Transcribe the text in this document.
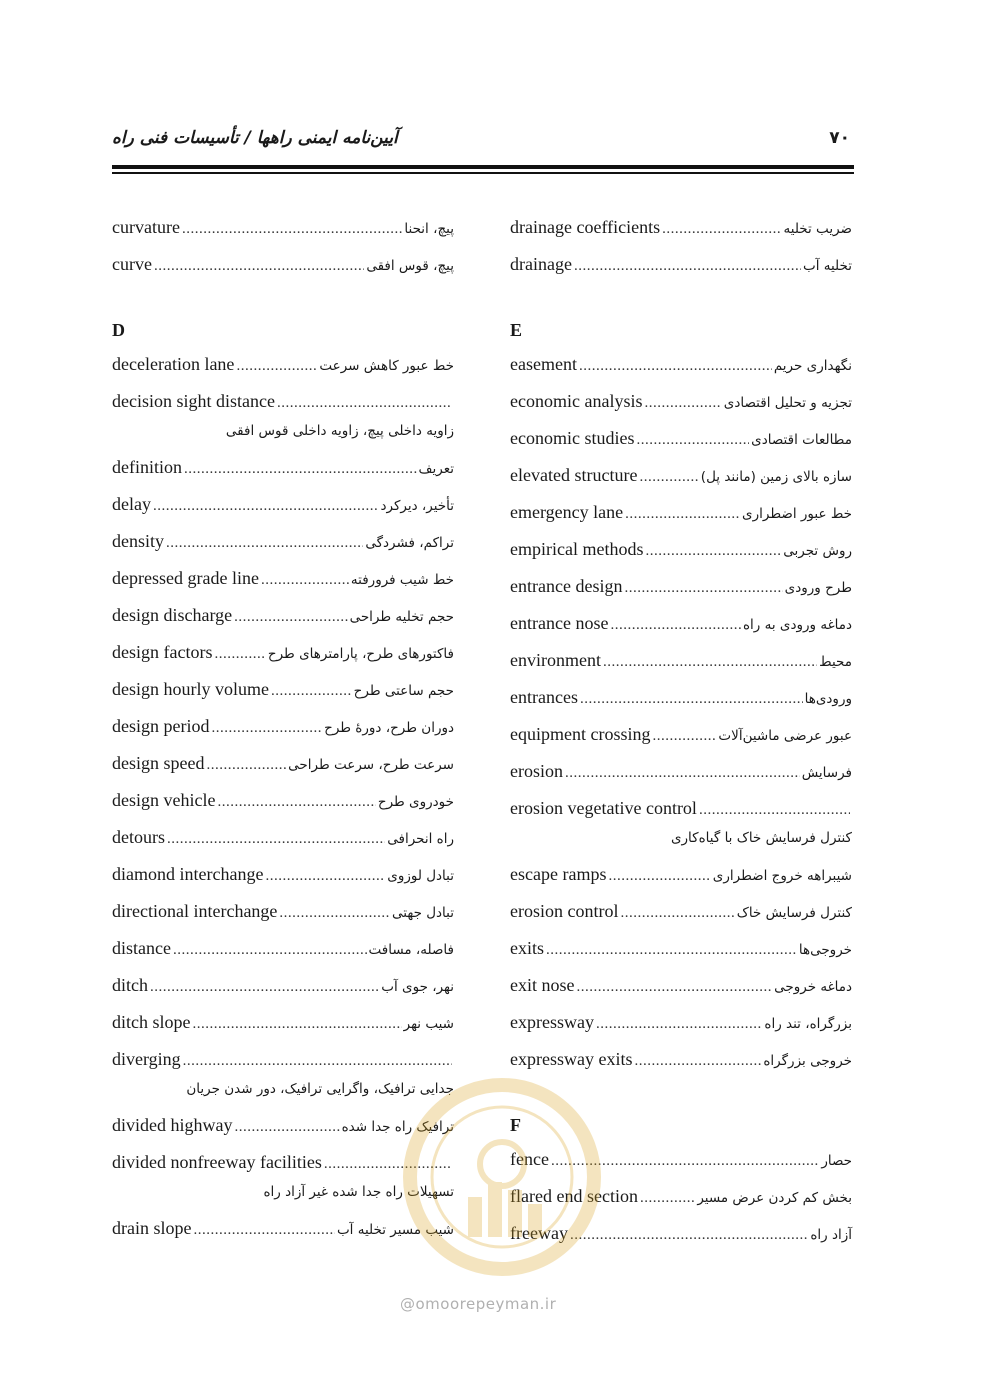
آیین‌نامه ایمنی راهها / تأسیسات فنی راه	۷۰
curvature .....	پیچ، انحنا
curve .....	پیچ، قوس افقی
D
deceleration lane .....	خط عبور کاهش سرعت
decision sight distance
.....
زاویه داخلی پیچ، زاویه داخلی قوس افقی
definition .....	تعریف
delay .....	تأخیر، دیرکرد
density .....	تراکم، فشردگی
depressed grade line .....	خط شیب فرورفته
design discharge .....	حجم تخلیه طراحی
design factors .....	فاکتورهای طرح، پارامترهای طرح
design hourly volume .....	حجم ساعتی طرح
design period .....	دوران طرح، دورهٔ طرح
design speed .....	سرعت طرح، سرعت طراحی
design vehicle .....	خودروی طرح
detours .....	راه انحرافی
diamond interchange .....	تبادل لوزوی
directional interchange .....	تبادل جهتی
distance .....	فاصله، مسافت
ditch .....	نهر، جوی آب
ditch slope .....	شیب نهر
diverging
.....
جدایی ترافیک، واگرایی ترافیک، دور شدن جریان
divided highway .....	ترافیک راه جدا شده
divided nonfreeway facilities
.....
تسهیلات راه جدا شده غیر آزاد راه
drain slope .....	شیب مسیر تخلیه آب
drainage coefficients .....	ضریب تخلیه
drainage .....	تخلیه آب
E
easement .....	نگهداری حریم
economic analysis .....	تجزیه و تحلیل اقتصادی
economic studies .....	مطالعات اقتصادی
elevated structure .....	سازه بالای زمین (مانند پل)
emergency lane .....	خط عبور اضطراری
empirical methods .....	روش تجربی
entrance design .....	طرح ورودی
entrance nose .....	دماغه ورودی به راه
environment .....	محیط
entrances .....	ورودی‌ها
equipment crossing .....	عبور عرضی ماشین‌آلات
erosion .....	فرسایش
erosion vegetative control
.....
کنترل فرسایش خاک با گیاه‌کاری
escape ramps .....	شیبراهه خروج اضطراری
erosion control .....	کنترل فرسایش خاک
exits .....	خروجی‌ها
exit nose .....	دماغه خروجی
expressway .....	بزرگراه، تند راه
expressway exits .....	خروجی بزرگراه
F
fence .....	حصار
flared end section .....	بخش کم کردن عرض مسیر
freeway .....	آزاد راه
@omoorepeyman.ir
